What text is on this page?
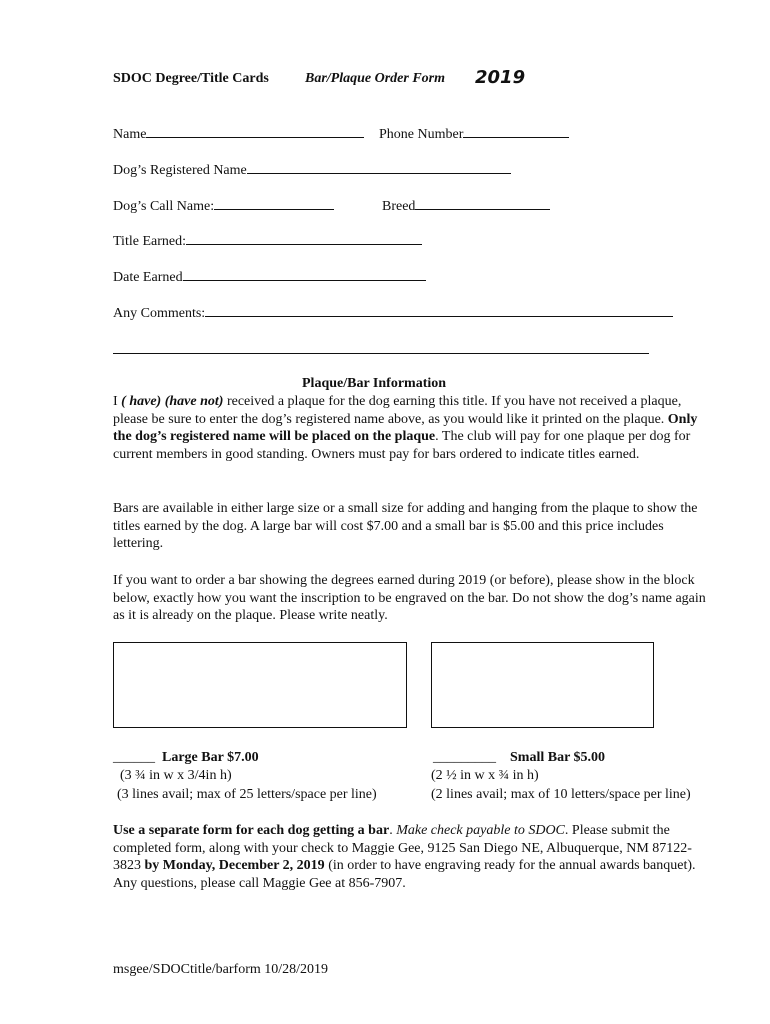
SDOC Degree/Title Cards	Bar/Plaque Order Form 2019
Name	Phone Number
Dog’s Registered Name
Dog’s Call Name:	Breed
Title Earned:
Date Earned
Any Comments:
Plaque/Bar Information
I ( have) (have not) received a plaque for the dog earning this title. If you have not received a plaque, please be sure to enter the dog’s registered name above, as you would like it printed on the plaque. Only the dog’s registered name will be placed on the plaque. The club will pay for one plaque per dog for current members in good standing. Owners must pay for bars ordered to indicate titles earned.
Bars are available in either large size or a small size for adding and hanging from the plaque to show the titles earned by the dog. A large bar will cost $7.00 and a small bar is $5.00 and this price includes lettering.
If you want to order a bar showing the degrees earned during 2019 (or before), please show in the block below, exactly how you want the inscription to be engraved on the bar. Do not show the dog’s name again as it is already on the plaque. Please write neatly.
______ Large Bar $7.00
(3 ¾ in w x 3/4in h)
(3 lines avail; max of 25 letters/space per line)
_________ Small Bar $5.00
(2 ½ in w x ¾ in h)
(2 lines avail; max of 10 letters/space per line)
Use a separate form for each dog getting a bar. Make check payable to SDOC. Please submit the completed form, along with your check to Maggie Gee, 9125 San Diego NE, Albuquerque, NM 87122-3823 by Monday, December 2, 2019 (in order to have engraving ready for the annual awards banquet). Any questions, please call Maggie Gee at 856-7907.
msgee/SDOCtitle/barform 10/28/2019
